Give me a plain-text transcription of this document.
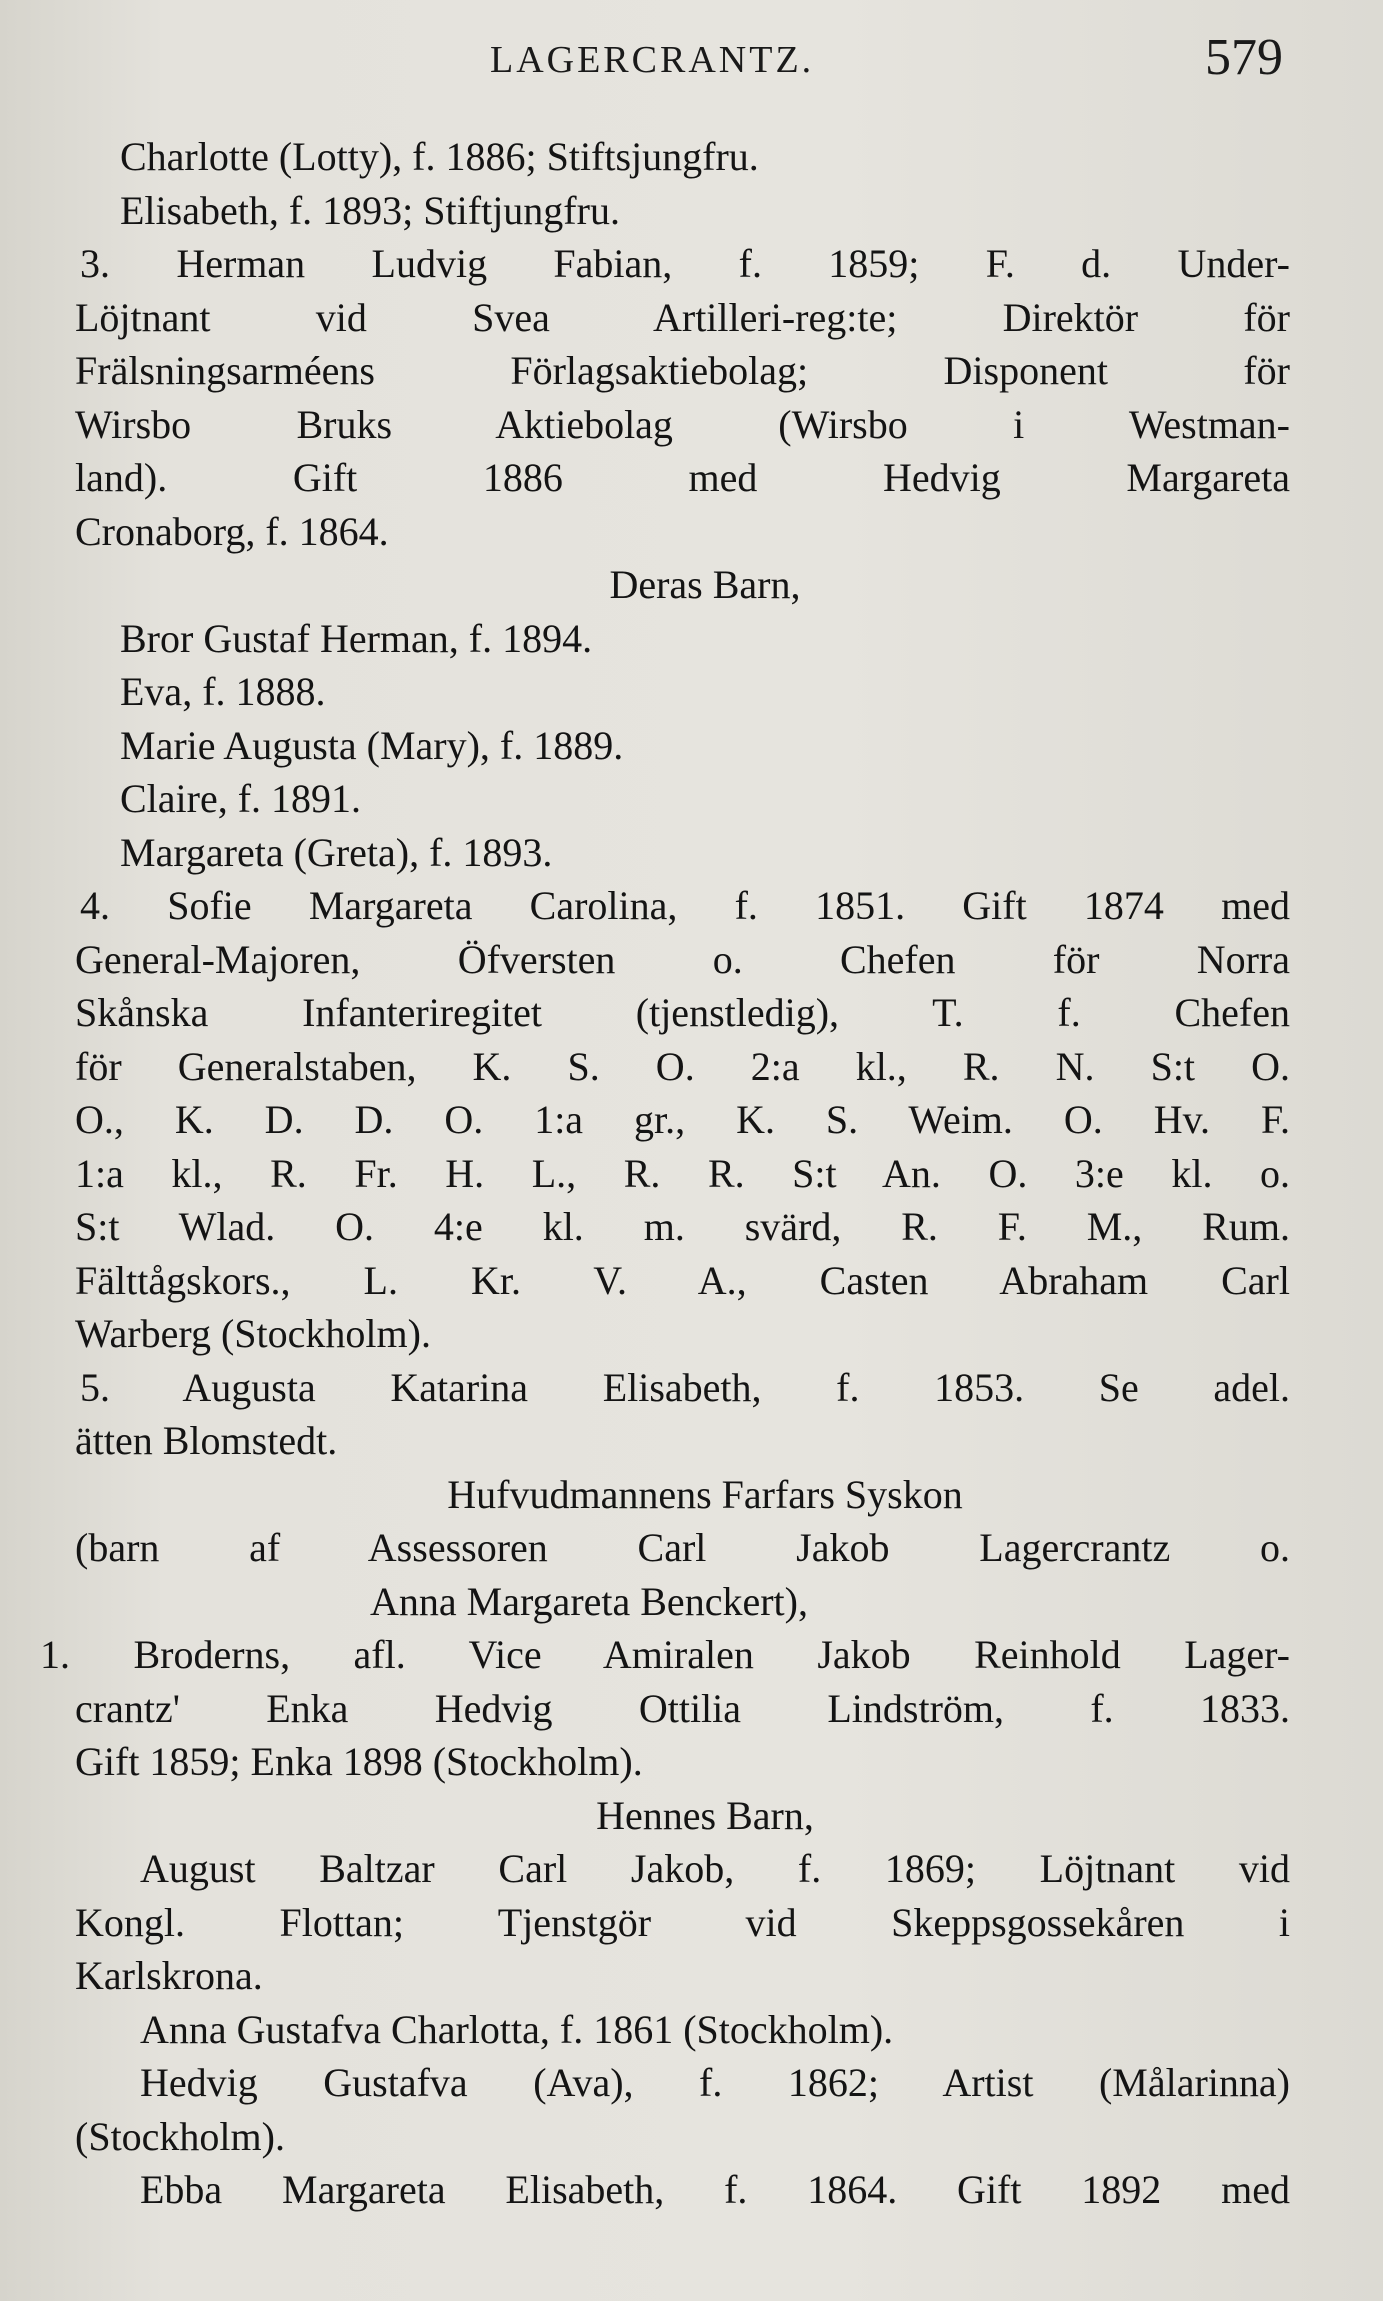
LAGERCRANTZ.	579
Charlotte (Lotty), f. 1886; Stiftsjungfru.
Elisabeth, f. 1893; Stiftjungfru.
3. Herman Ludvig Fabian, f. 1859; F. d. Under-
Löjtnant vid Svea Artilleri-reg:te; Direktör för
Frälsningsarméens Förlagsaktiebolag; Disponent för
Wirsbo Bruks Aktiebolag (Wirsbo i Westman-
land). Gift 1886 med Hedvig Margareta
Cronaborg, f. 1864.
Deras Barn,
Bror Gustaf Herman, f. 1894.
Eva, f. 1888.
Marie Augusta (Mary), f. 1889.
Claire, f. 1891.
Margareta (Greta), f. 1893.
4. Sofie Margareta Carolina, f. 1851. Gift 1874 med
General-Majoren, Öfversten o. Chefen för Norra
Skånska Infanteriregitet (tjenstledig), T. f. Chefen
för Generalstaben, K. S. O. 2:a kl., R. N. S:t O.
O., K. D. D. O. 1:a gr., K. S. Weim. O. Hv. F.
1:a kl., R. Fr. H. L., R. R. S:t An. O. 3:e kl. o.
S:t Wlad. O. 4:e kl. m. svärd, R. F. M., Rum.
Fälttågskors., L. Kr. V. A., Casten Abraham Carl
Warberg (Stockholm).
5. Augusta Katarina Elisabeth, f. 1853. Se adel.
ätten Blomstedt.
Hufvudmannens Farfars Syskon
(barn af Assessoren Carl Jakob Lagercrantz o.
Anna Margareta Benckert),
1. Broderns, afl. Vice Amiralen Jakob Reinhold Lager-
crantz' Enka Hedvig Ottilia Lindström, f. 1833.
Gift 1859; Enka 1898 (Stockholm).
Hennes Barn,
August Baltzar Carl Jakob, f. 1869; Löjtnant vid
Kongl. Flottan; Tjenstgör vid Skeppsgossekåren i
Karlskrona.
Anna Gustafva Charlotta, f. 1861 (Stockholm).
Hedvig Gustafva (Ava), f. 1862; Artist (Målarinna)
(Stockholm).
Ebba Margareta Elisabeth, f. 1864. Gift 1892 med
